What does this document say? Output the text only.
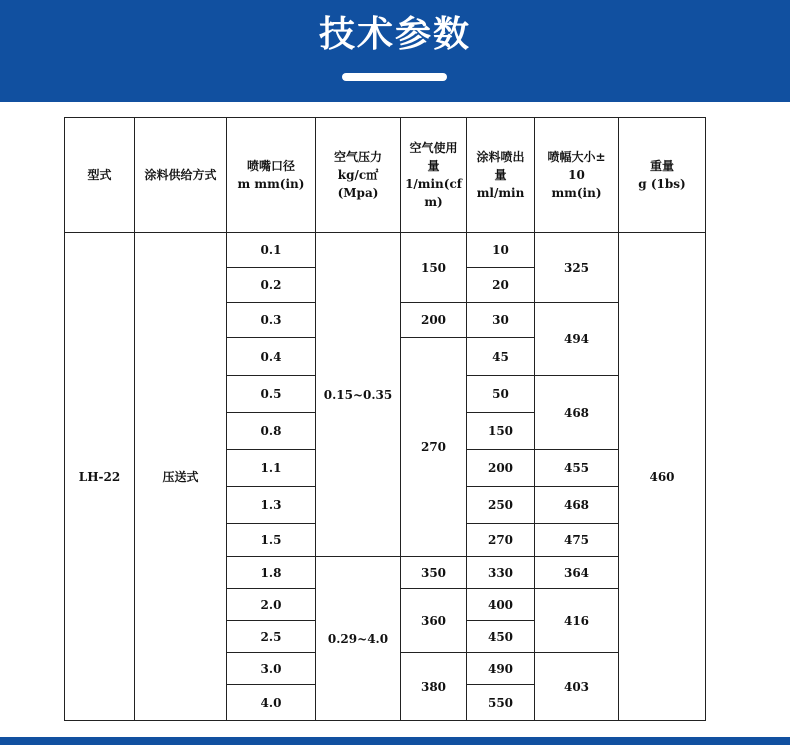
技术参数
型式	涂料供给方式	喷嘴口径
m mm(in)	空气压力
kg/c㎡
(Mpa)	空气使用
量
1/min(cf
m)	涂料喷出
量
ml/min	喷幅大小±
10
mm(in)	重量
g (1bs)
LH-22	压送式	0.1	0.15~0.35	150	10	325	460
		0.2			20		
		0.3		200	30	494	
		0.4		270	45		
		0.5			50	468	
		0.8			150		
		1.1			200	455	
		1.3			250	468	
		1.5			270	475	
		1.8	0.29~4.0	350	330	364	
		2.0		360	400	416	
		2.5			450		
		3.0		380	490	403	
		4.0			550		
